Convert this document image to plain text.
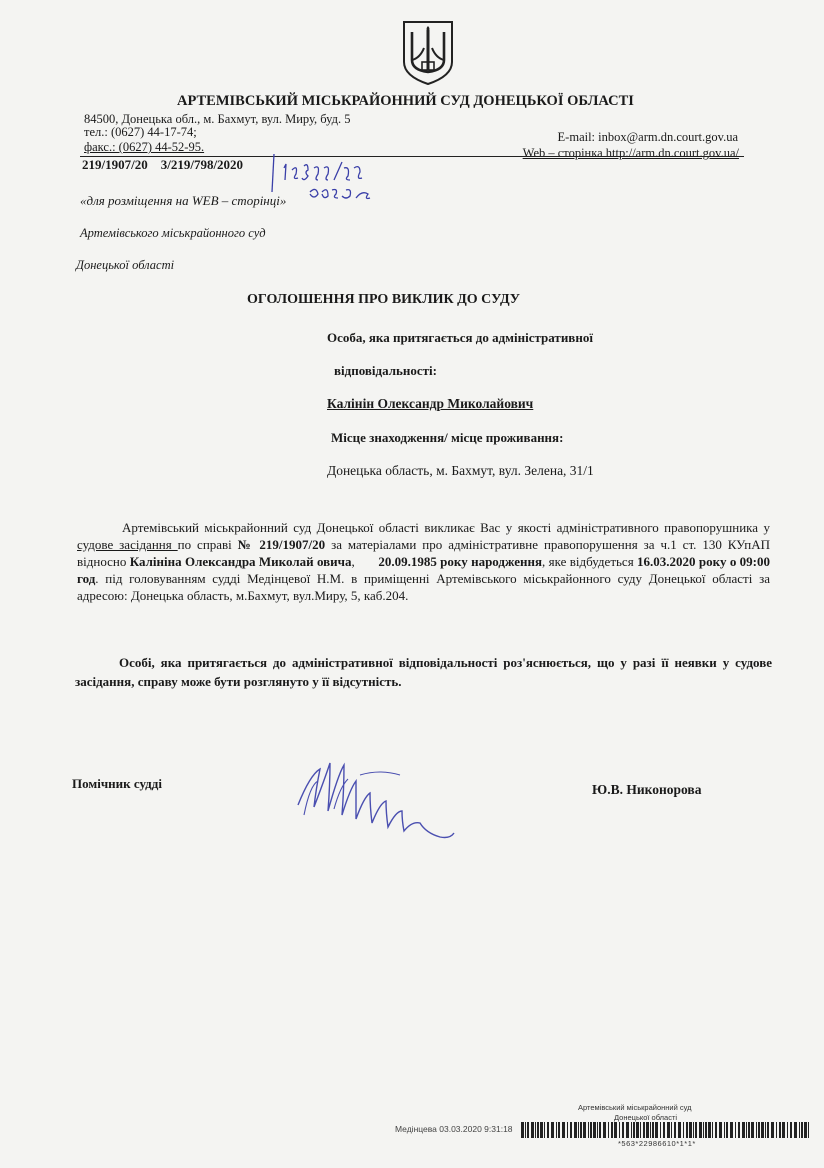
АРТЕМІВСЬКИЙ МІСЬКРАЙОННИЙ СУД ДОНЕЦЬКОЇ ОБЛАСТІ
84500, Донецька обл., м. Бахмут, вул. Миру, буд. 5
тел.: (0627) 44-17-74;
факс.: (0627) 44-52-95.
E-mail: inbox@arm.dn.court.gov.ua
Web – сторінка http://arm.dn.court.gov.ua/
219/1907/20    3/219/798/2020
«для розміщення на WEB – сторінці»
Артемівського міськрайонного суд
Донецької області
ОГОЛОШЕННЯ ПРО ВИКЛИК ДО СУДУ
Особа, яка притягається до адміністративної
відповідальності:
Калінін Олександр Миколайович
Місце знаходження/ місце проживання:
Донецька область, м. Бахмут, вул. Зелена, 31/1

Артемівський міськрайонний суд Донецької області викликає Вас у якості адміністративного правопорушника у судове засідання по справі № 219/1907/20 за матеріалами про адміністративне правопорушення за ч.1 ст. 130 КУпАП відносно Калініна Олександра Миколай овича,       20.09.1985 року народження, яке відбудеться 16.03.2020 року о 09:00 год. під головуванням судді Медінцевої Н.М. в приміщенні Артемівського міськрайонного суду Донецької області за адресою: Донецька область, м.Бахмут, вул.Миру, 5, каб.204.

Особі, яка притягається до адміністративної відповідальності роз'яснюється, що у разі її неявки у судове засідання, справу може бути розглянуто у її відсутність.

Помічник судді	Ю.В. Никонорова
Артемівський міськрайонний суд
Донецької області
Медінцева 03.03.2020 9:31:18
*563*22986610*1*1*
